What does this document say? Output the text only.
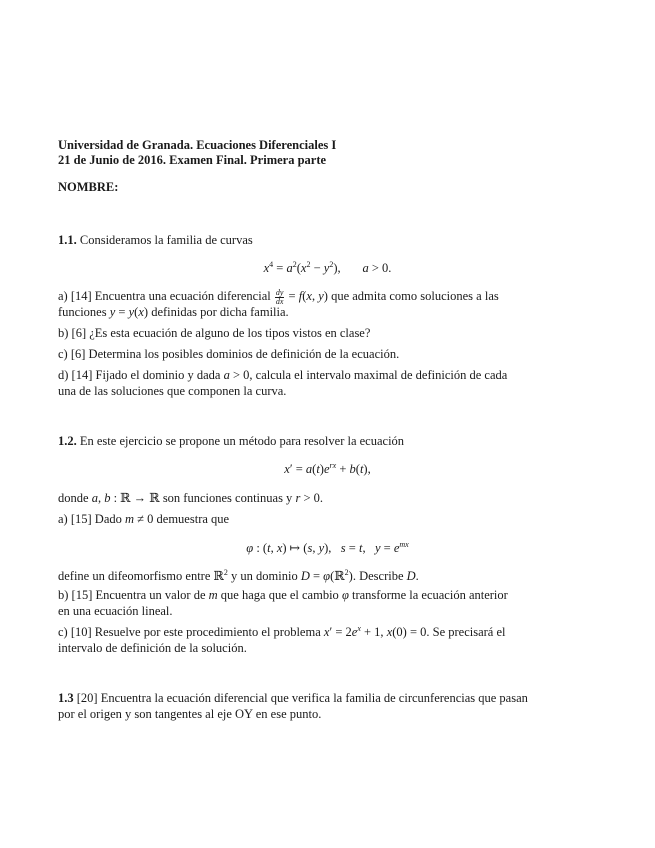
Universidad de Granada. Ecuaciones Diferenciales I
21 de Junio de 2016. Examen Final. Primera parte
NOMBRE:
1.1. Consideramos la familia de curvas
$x^4 = a^2(x^2 - y^2)$,       a > 0.
a) [14] Encuentra una ecuación diferencial $\frac{dy}{dx} = f(x$, y) que admita como soluciones a las
funciones y = y(x) definidas por dicha familia.
b) [6] ¿Es esta ecuación de alguno de los tipos vistos en clase?
c) [6] Determina los posibles dominios de definición de la ecuación.
d) [14] Fijado el dominio y dada a > 0, calcula el intervalo maximal de definición de cada
una de las soluciones que componen la curva.
1.2. En este ejercicio se propone un método para resolver la ecuación
$x' = a(t)e^{rx} + b(t)$,
donde a, b : ℝ → ℝ son funciones continuas y r > 0.
a) [15] Dado m ≠ 0 demuestra que
φ : (t, x) ↦ (s, y),   s = t,   $y = e^{mx}$
define un difeomorfismo entre ℝ$^2$ y un dominio D = φ(ℝ$^2$). Describe D.
b) [15] Encuentra un valor de m que haga que el cambio φ transforme la ecuación anterior
en una ecuación lineal.
c) [10] Resuelve por este procedimiento el problema $x' = 2e^x + 1$, x(0) = 0. Se precisará el
intervalo de definición de la solución.
1.3 [20] Encuentra la ecuación diferencial que verifica la familia de circunferencias que pasan
por el origen y son tangentes al eje OY en ese punto.
